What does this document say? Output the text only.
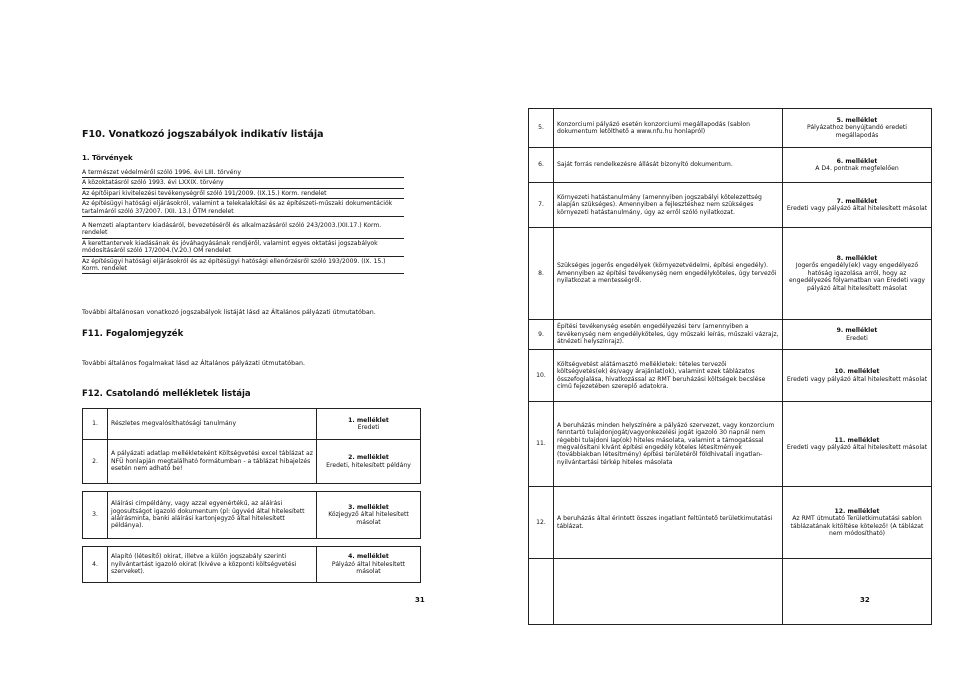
F10. Vonatkozó jogszabályok indikatív listája
1. Törvények
A természet védelméről szóló 1996. évi LIII. törvény
A közoktatásról szóló 1993. évi LXXIX. törvény
Az építőipari kivitelezési tevékenységről szóló 191/2009. (IX.15.) Korm. rendelet
Az építésügyi hatósági eljárásokról, valamint a telekalakítási és az építészeti-műszaki dokumentációk tartalmáról szóló 37/2007. (XII. 13.) ÖTM rendelet
A Nemzeti alaptanterv kiadásáról, bevezetéséről és alkalmazásáról szóló 243/2003.(XII.17.) Korm. rendelet
A kerettantervek kiadásának és jóváhagyásának rendjéről, valamint egyes oktatási jogszabályok módosításáról szóló 17/2004.(V.20.) OM rendelet
Az építésügyi hatósági eljárásokról és az építésügyi hatósági ellenőrzésről szóló 193/2009. (IX. 15.) Korm. rendelet
További általánosan vonatkozó jogszabályok listáját lásd az Általános pályázati útmutatóban.
F11. Fogalomjegyzék
További általános fogalmakat lásd az Általános pályázati útmutatóban.
F12. Csatolandó mellékletek listája
1.	Részletes megvalósíthatósági tanulmány	1. melléklet
Eredeti
2.	A pályázati adatlap mellékleteként Költségvetési excel táblázat az NFÜ honlapján megtalálható formátumban - a táblázat hibajelzés esetén nem adható be!	2. melléklet
Eredeti, hitelesített példány

3.	Aláírási címpéldány, vagy azzal egyenértékű, az aláírási jogosultságot igazoló dokumentum (pl: ügyvéd által hitelesített aláírásminta, banki aláírási kartonjegyző által hitelesített példánya).	3. melléklet
Közjegyző által hitelesített másolat

4.	Alapító (létesítő) okirat, illetve a külön jogszabály szerinti nyilvántartást igazoló okirat (kivéve a központi költségvetési szerveket).	4. melléklet
Pályázó által hitelesített másolat
31
5.	Konzorciumi pályázó esetén konzorciumi megállapodás (sablon dokumentum letölthető a www.nfu.hu honlapról)	5. melléklet
Pályázathoz benyújtandó eredeti megállapodás
6.	Saját forrás rendelkezésre állását bizonyító dokumentum.	6. melléklet
A D4. pontnak megfelelően
7.	Környezeti hatástanulmány (amennyiben jogszabályi kötelezettség alapján szükséges). Amennyiben a fejlesztéshez nem szükséges környezeti hatástanulmány, úgy az erről szóló nyilatkozat.	7. melléklet
Eredeti vagy pályázó által hitelesített másolat
8.	Szükséges jogerős engedélyek (környezetvédelmi, építési engedély). Amennyiben az építési tevékenység nem engedélyköteles, úgy tervezői nyilatkozat a mentességről.	8. melléklet
Jogerős engedély(ek) vagy engedélyező hatóság igazolása arról, hogy az engedélyezés folyamatban van Eredeti vagy pályázó által hitelesített másolat
9.	Építési tevékenység esetén engedélyezési terv (amennyiben a tevékenység nem engedélyköteles, úgy műszaki leírás, műszaki vázrajz, átnézeti helyszínrajz).	9. melléklet
Eredeti
10.	Költségvetést alátámasztó mellékletek: tételes tervezői költségvetés(ek) és/vagy árajánlat(ok), valamint ezek táblázatos összefoglalása, hivatkozással az RMT beruházási költségek becslése című fejezetében szereplő adatokra.	10. melléklet
Eredeti vagy pályázó által hitelesített másolat
11.	A beruházás minden helyszínére a pályázó szervezet, vagy konzorcium fenntartó tulajdonjogát/vagyonkezelési jogát igazoló 30 napnál nem régebbi tulajdoni lap(ok) hiteles másolata, valamint a támogatással megvalósítani kívánt építési engedély köteles létesítmények (továbbiakban létesítmény) építési területéről földhivatali ingatlan-nyilvántartási térkép hiteles másolata	11. melléklet
Eredeti vagy pályázó által hitelesített másolat
12.	A beruházás által érintett összes ingatlant feltüntető területkimutatási táblázat.	12. melléklet
Az RMT útmutató Területkimutatási sablon táblázatának kitöltése kötelező! (A táblázat nem módosítható)

32
